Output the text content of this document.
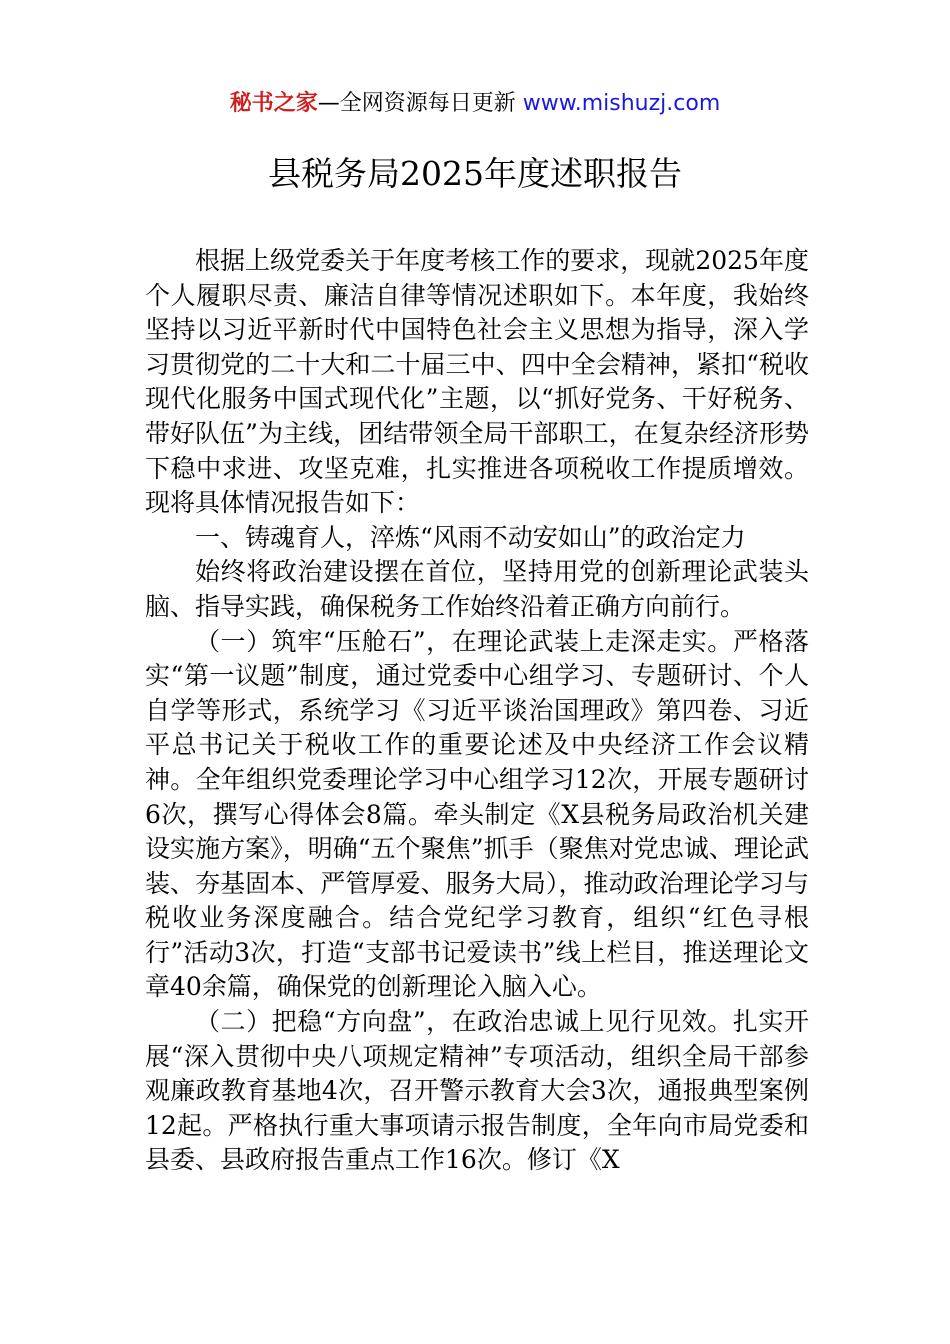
秘书之家—全网资源每日更新 www.mishuzj.com
县税务局2025年度述职报告

根据上级党委关于年度考核工作的要求，现就2025年度个人履职尽责、廉洁自律等情况述职如下。本年度，我始终坚持以习近平新时代中国特色社会主义思想为指导，深入学习贯彻党的二十大和二十届三中、四中全会精神，紧扣“税收现代化服务中国式现代化”主题，以“抓好党务、干好税务、带好队伍”为主线，团结带领全局干部职工，在复杂经济形势下稳中求进、攻坚克难，扎实推进各项税收工作提质增效。现将具体情况报告如下：

一、铸魂育人，淬炼“风雨不动安如山”的政治定力

始终将政治建设摆在首位，坚持用党的创新理论武装头脑、指导实践，确保税务工作始终沿着正确方向前行。

（一）筑牢“压舱石”，在理论武装上走深走实。严格落实“第一议题”制度，通过党委中心组学习、专题研讨、个人自学等形式，系统学习《习近平谈治国理政》第四卷、习近平总书记关于税收工作的重要论述及中央经济工作会议精神。全年组织党委理论学习中心组学习12次，开展专题研讨6次，撰写心得体会8篇。牵头制定《X县税务局政治机关建设实施方案》，明确“五个聚焦”抓手（聚焦对党忠诚、理论武装、夯基固本、严管厚爱、服务大局），推动政治理论学习与税收业务深度融合。结合党纪学习教育，组织“红色寻根行”活动3次，打造“支部书记爱读书”线上栏目，推送理论文章40余篇，确保党的创新理论入脑入心。

（二）把稳“方向盘”，在政治忠诚上见行见效。扎实开展“深入贯彻中央八项规定精神”专项活动，组织全局干部参观廉政教育基地4次，召开警示教育大会3次，通报典型案例12起。严格执行重大事项请示报告制度，全年向市局党委和县委、县政府报告重点工作16次。修订《X
